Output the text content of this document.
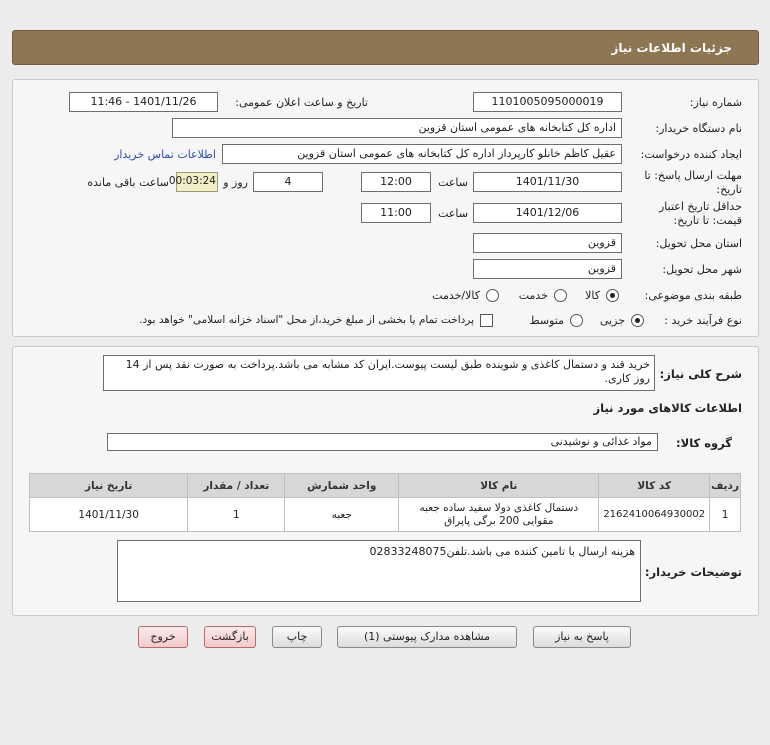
جزئیات اطلاعات نیاز
شماره نیاز:
1101005095000019
تاریخ و ساعت اعلان عمومی:
1401/11/26 - 11:46
نام دستگاه خریدار:
اداره کل کتابخانه های عمومی استان قزوین
ایجاد کننده درخواست:
عقیل کاظم خانلو کارپرداز اداره کل کتابخانه های عمومی استان قزوین
اطلاعات تماس خریدار
مهلت ارسال پاسخ: تا
تاریخ:
1401/11/30
ساعت
12:00
4
روز و
00:03:24
ساعت باقی مانده
حداقل تاریخ اعتبار
قیمت: تا تاریخ:
1401/12/06
ساعت
11:00
استان محل تحویل:
قزوین
شهر محل تحویل:
قزوین
طبقه بندی موضوعی:
کالا
خدمت
کالا/خدمت
نوع فرآیند خرید :
جزیی
متوسط
پرداخت تمام یا بخشی از مبلغ خرید،از محل "اسناد خزانه اسلامی" خواهد بود.
شرح کلی نیاز:
خرید قند و دستمال کاغذی و شوینده طبق لیست پیوست.ایران کد مشابه می باشد.پرداخت به صورت نقد پس از 14 روز کاری.
اطلاعات کالاهای مورد نیاز
گروه کالا:
مواد غذائی و نوشیدنی
ردیف	کد کالا	نام کالا	واحد شمارش	تعداد / مقدار	تاریخ نیاز
1	2162410064930002	دستمال کاغذی دولا سفید ساده جعبه مقوایی 200 برگی پاپراق	جعبه	1	1401/11/30
توضیحات خریدار:
هزینه ارسال با تامین کننده می باشد.تلفن02833248075
پاسخ به نیاز
مشاهده مدارک پیوستی (1)
چاپ
بازگشت
خروج
